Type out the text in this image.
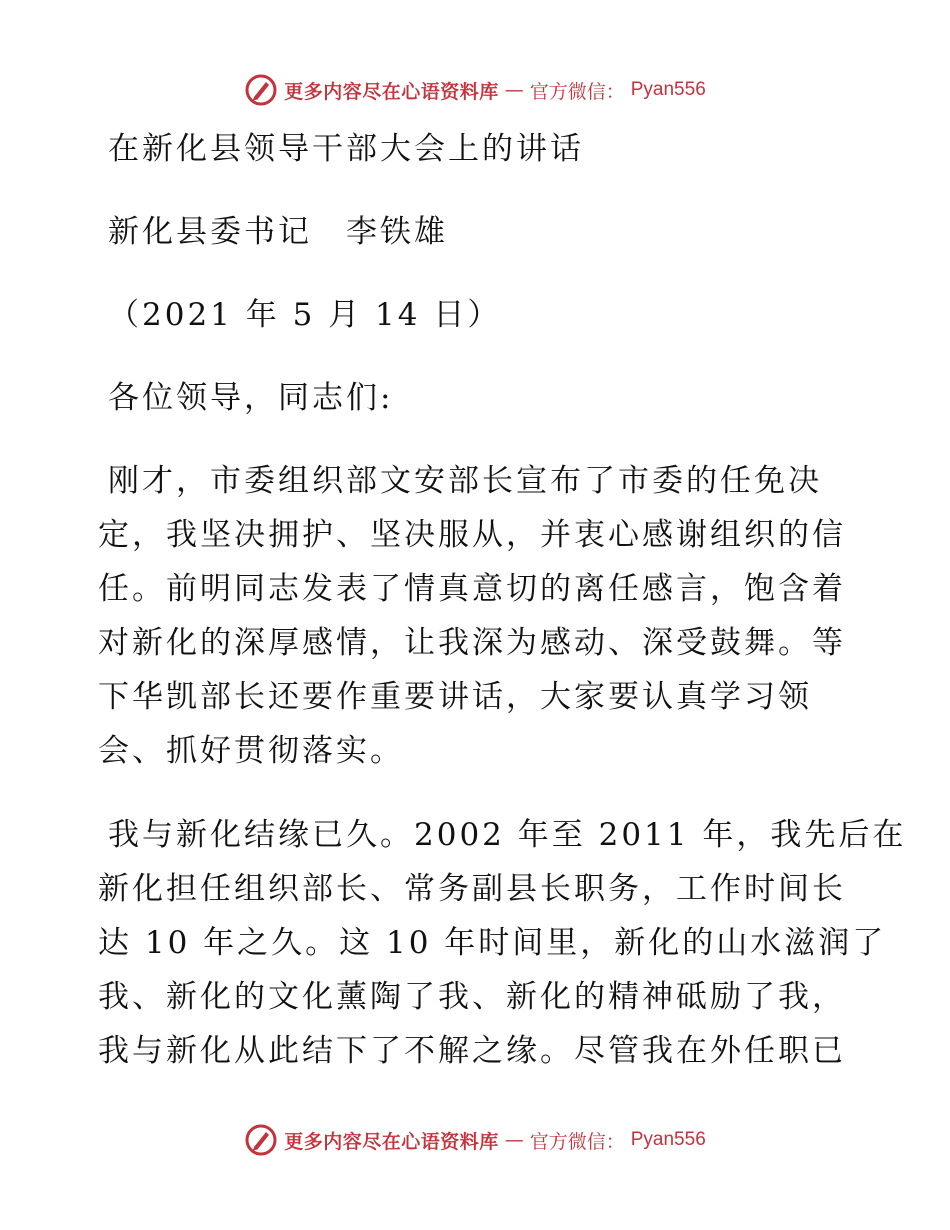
更多内容尽在心语资料库 — 官方微信： Pyan556

在新化县领导干部大会上的讲话

新化县委书记　李铁雄

（2021 年 5 月 14 日）

各位领导，同志们:

刚才，市委组织部文安部长宣布了市委的任免决

定，我坚决拥护、坚决服从，并衷心感谢组织的信

任。前明同志发表了情真意切的离任感言，饱含着

对新化的深厚感情，让我深为感动、深受鼓舞。等

下华凯部长还要作重要讲话，大家要认真学习领

会、抓好贯彻落实。

我与新化结缘已久。2002 年至 2011 年，我先后在

新化担任组织部长、常务副县长职务，工作时间长

达 10 年之久。这 10 年时间里，新化的山水滋润了

我、新化的文化薰陶了我、新化的精神砥励了我，

我与新化从此结下了不解之缘。尽管我在外任职已

更多内容尽在心语资料库 — 官方微信： Pyan556
